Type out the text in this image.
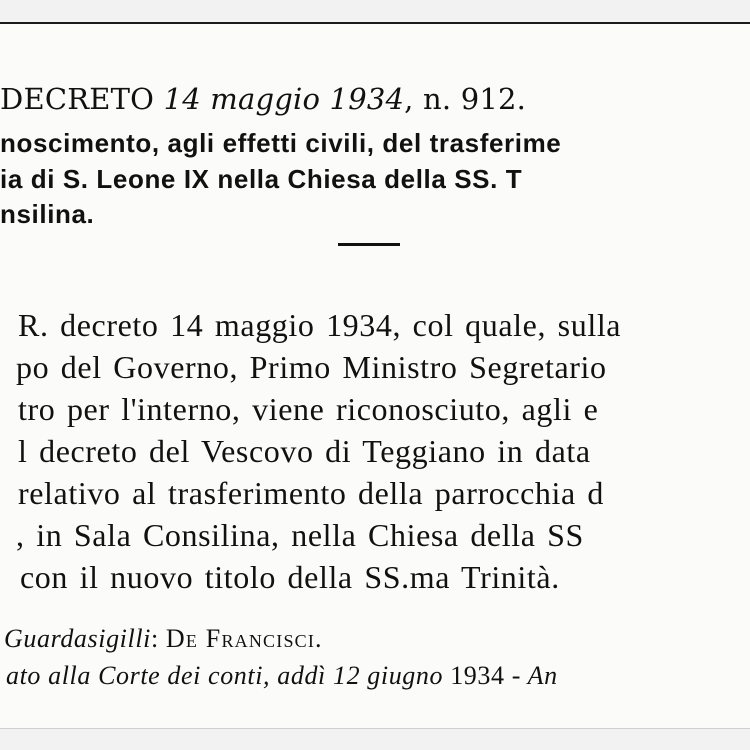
DECRETO 14 maggio 1934, n. 912.
noscimento, agli effetti civili, del trasferime
ia di S. Leone IX nella Chiesa della SS. T
nsilina.
R. decreto 14 maggio 1934, col quale, sulla
po del Governo, Primo Ministro Segretario
tro per l'interno, viene riconosciuto, agli e
l decreto del Vescovo di Teggiano in data
relativo al trasferimento della parrocchia d
, in Sala Consilina, nella Chiesa della SS
con il nuovo titolo della SS.ma Trinità.
Guardasigilli: De Francisci.
ato alla Corte dei conti, addì 12 giugno 1934 - An
